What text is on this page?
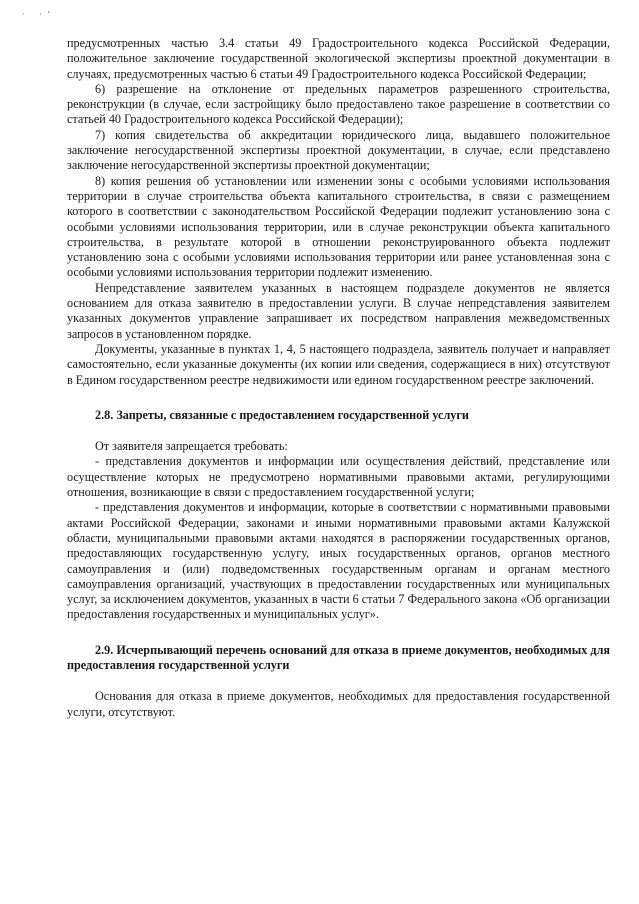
· ·ʻ

предусмотренных частью 3.4 статьи 49 Градостроительного кодекса Российской Федерации, положительное заключение государственной экологической экспертизы проектной документации в случаях, предусмотренных частью 6 статьи 49 Градостроительного кодекса Российской Федерации;

6) разрешение на отклонение от предельных параметров разрешенного строительства, реконструкции (в случае, если застройщику было предоставлено такое разрешение в соответствии со статьей 40 Градостроительного кодекса Российской Федерации);

7) копия свидетельства об аккредитации юридического лица, выдавшего положительное заключение негосударственной экспертизы проектной документации, в случае, если представлено заключение негосударственной экспертизы проектной документации;

8) копия решения об установлении или изменении зоны с особыми условиями использования территории в случае строительства объекта капитального строительства, в связи с размещением которого в соответствии с законодательством Российской Федерации подлежит установлению зона с особыми условиями использования территории, или в случае реконструкции объекта капитального строительства, в результате которой в отношении реконструированного объекта подлежит установлению зона с особыми условиями использования территории или ранее установленная зона с особыми условиями использования территории подлежит изменению.

Непредставление заявителем указанных в настоящем подразделе документов не является основанием для отказа заявителю в предоставлении услуги. В случае непредставления заявителем указанных документов управление запрашивает их посредством направления межведомственных запросов в установленном порядке.

Документы, указанные в пунктах 1, 4, 5 настоящего подраздела, заявитель получает и направляет самостоятельно, если указанные документы (их копии или сведения, содержащиеся в них) отсутствуют в Едином государственном реестре недвижимости или едином государственном реестре заключений.

2.8. Запреты, связанные с предоставлением государственной услуги

От заявителя запрещается требовать:

- представления документов и информации или осуществления действий, представление или осуществление которых не предусмотрено нормативными правовыми актами, регулирующими отношения, возникающие в связи с предоставлением государственной услуги;

- представления документов и информации, которые в соответствии с нормативными правовыми актами Российской Федерации, законами и иными нормативными правовыми актами Калужской области, муниципальными правовыми актами находятся в распоряжении государственных органов, предоставляющих государственную услугу, иных государственных органов, органов местного самоуправления и (или) подведомственных государственным органам и органам местного самоуправления организаций, участвующих в предоставлении государственных или муниципальных услуг, за исключением документов, указанных в части 6 статьи 7 Федерального закона «Об организации предоставления государственных и муниципальных услуг».

2.9. Исчерпывающий перечень оснований для отказа в приеме документов, необходимых для предоставления государственной услуги

Основания для отказа в приеме документов, необходимых для предоставления государственной услуги, отсутствуют.
